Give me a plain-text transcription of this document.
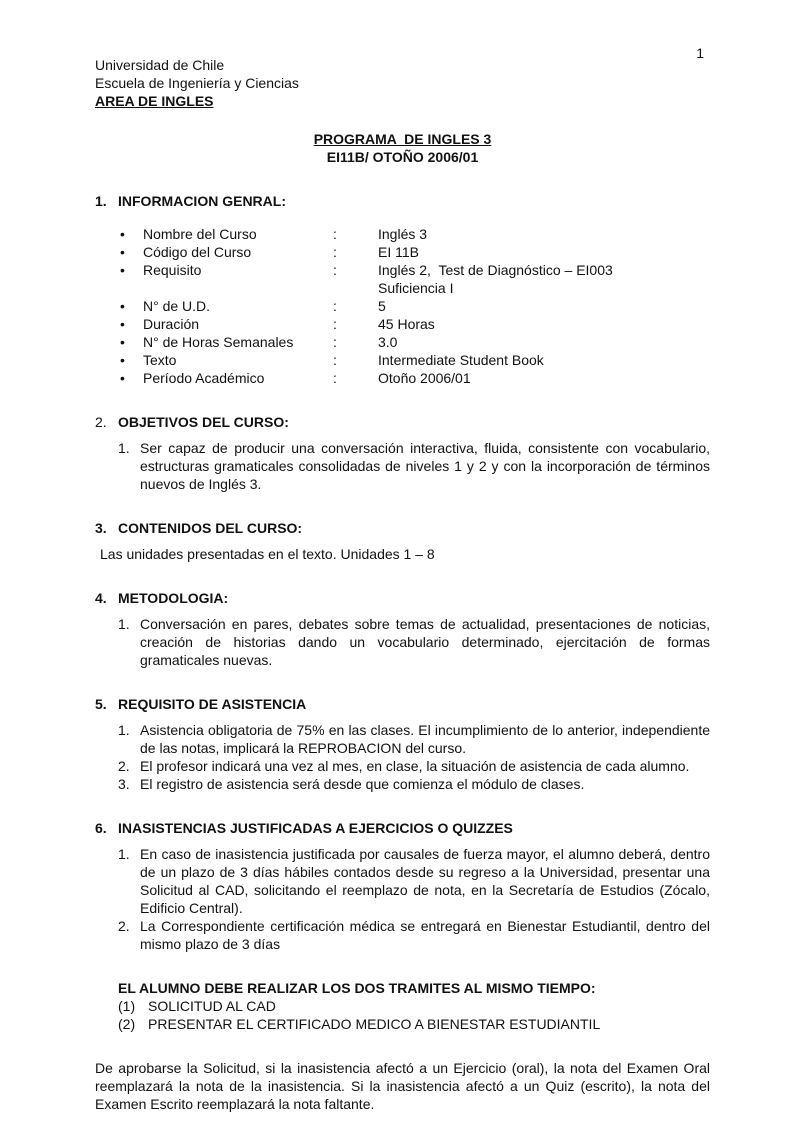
1
Universidad de Chile
Escuela de Ingeniería y Ciencias
AREA DE INGLES
PROGRAMA  DE INGLES 3
EI11B/ OTOÑO 2006/01
1. INFORMACION GENRAL:
•	Nombre del Curso	:	Inglés 3
•	Código del Curso	:	EI 11B
•	Requisito	:	Inglés 2,  Test de Diagnóstico – EI003
Suficiencia I
•	N° de U.D.	:	5
•	Duración	:	45 Horas
•	N° de Horas Semanales	:	3.0
•	Texto	:	Intermediate Student Book
•	Período Académico	:	Otoño 2006/01
2. OBJETIVOS DEL CURSO:
1. Ser capaz de producir una conversación interactiva, fluida, consistente con vocabulario, estructuras gramaticales consolidadas de niveles 1 y 2 y con la incorporación de términos nuevos de Inglés 3.
3. CONTENIDOS DEL CURSO:
Las unidades presentadas en el texto. Unidades 1 – 8
4. METODOLOGIA:
1. Conversación en pares, debates sobre temas de actualidad, presentaciones de noticias, creación de historias dando un vocabulario determinado, ejercitación de formas gramaticales nuevas.
5. REQUISITO DE ASISTENCIA
1. Asistencia obligatoria de 75% en las clases. El incumplimiento de lo anterior, independiente de las notas, implicará la REPROBACION del curso.
2. El profesor indicará una vez al mes, en clase, la situación de asistencia de cada alumno.
3. El registro de asistencia será desde que comienza el módulo de clases.
6. INASISTENCIAS JUSTIFICADAS A EJERCICIOS O QUIZZES
1. En caso de inasistencia justificada por causales de fuerza mayor, el alumno deberá, dentro de un plazo de 3 días hábiles contados desde su regreso a la Universidad, presentar una Solicitud al CAD, solicitando el reemplazo de nota, en la Secretaría de Estudios (Zócalo, Edificio Central).
2. La Correspondiente certificación médica se entregará en Bienestar Estudiantil, dentro del mismo plazo de 3 días
EL ALUMNO DEBE REALIZAR LOS DOS TRAMITES AL MISMO TIEMPO:
(1) SOLICITUD AL CAD
(2) PRESENTAR EL CERTIFICADO MEDICO A BIENESTAR ESTUDIANTIL
De aprobarse la Solicitud, si la inasistencia afectó a un Ejercicio (oral), la nota del Examen Oral reemplazará la nota de la inasistencia. Si la inasistencia afectó a un Quiz (escrito), la nota del Examen Escrito reemplazará la nota faltante.
